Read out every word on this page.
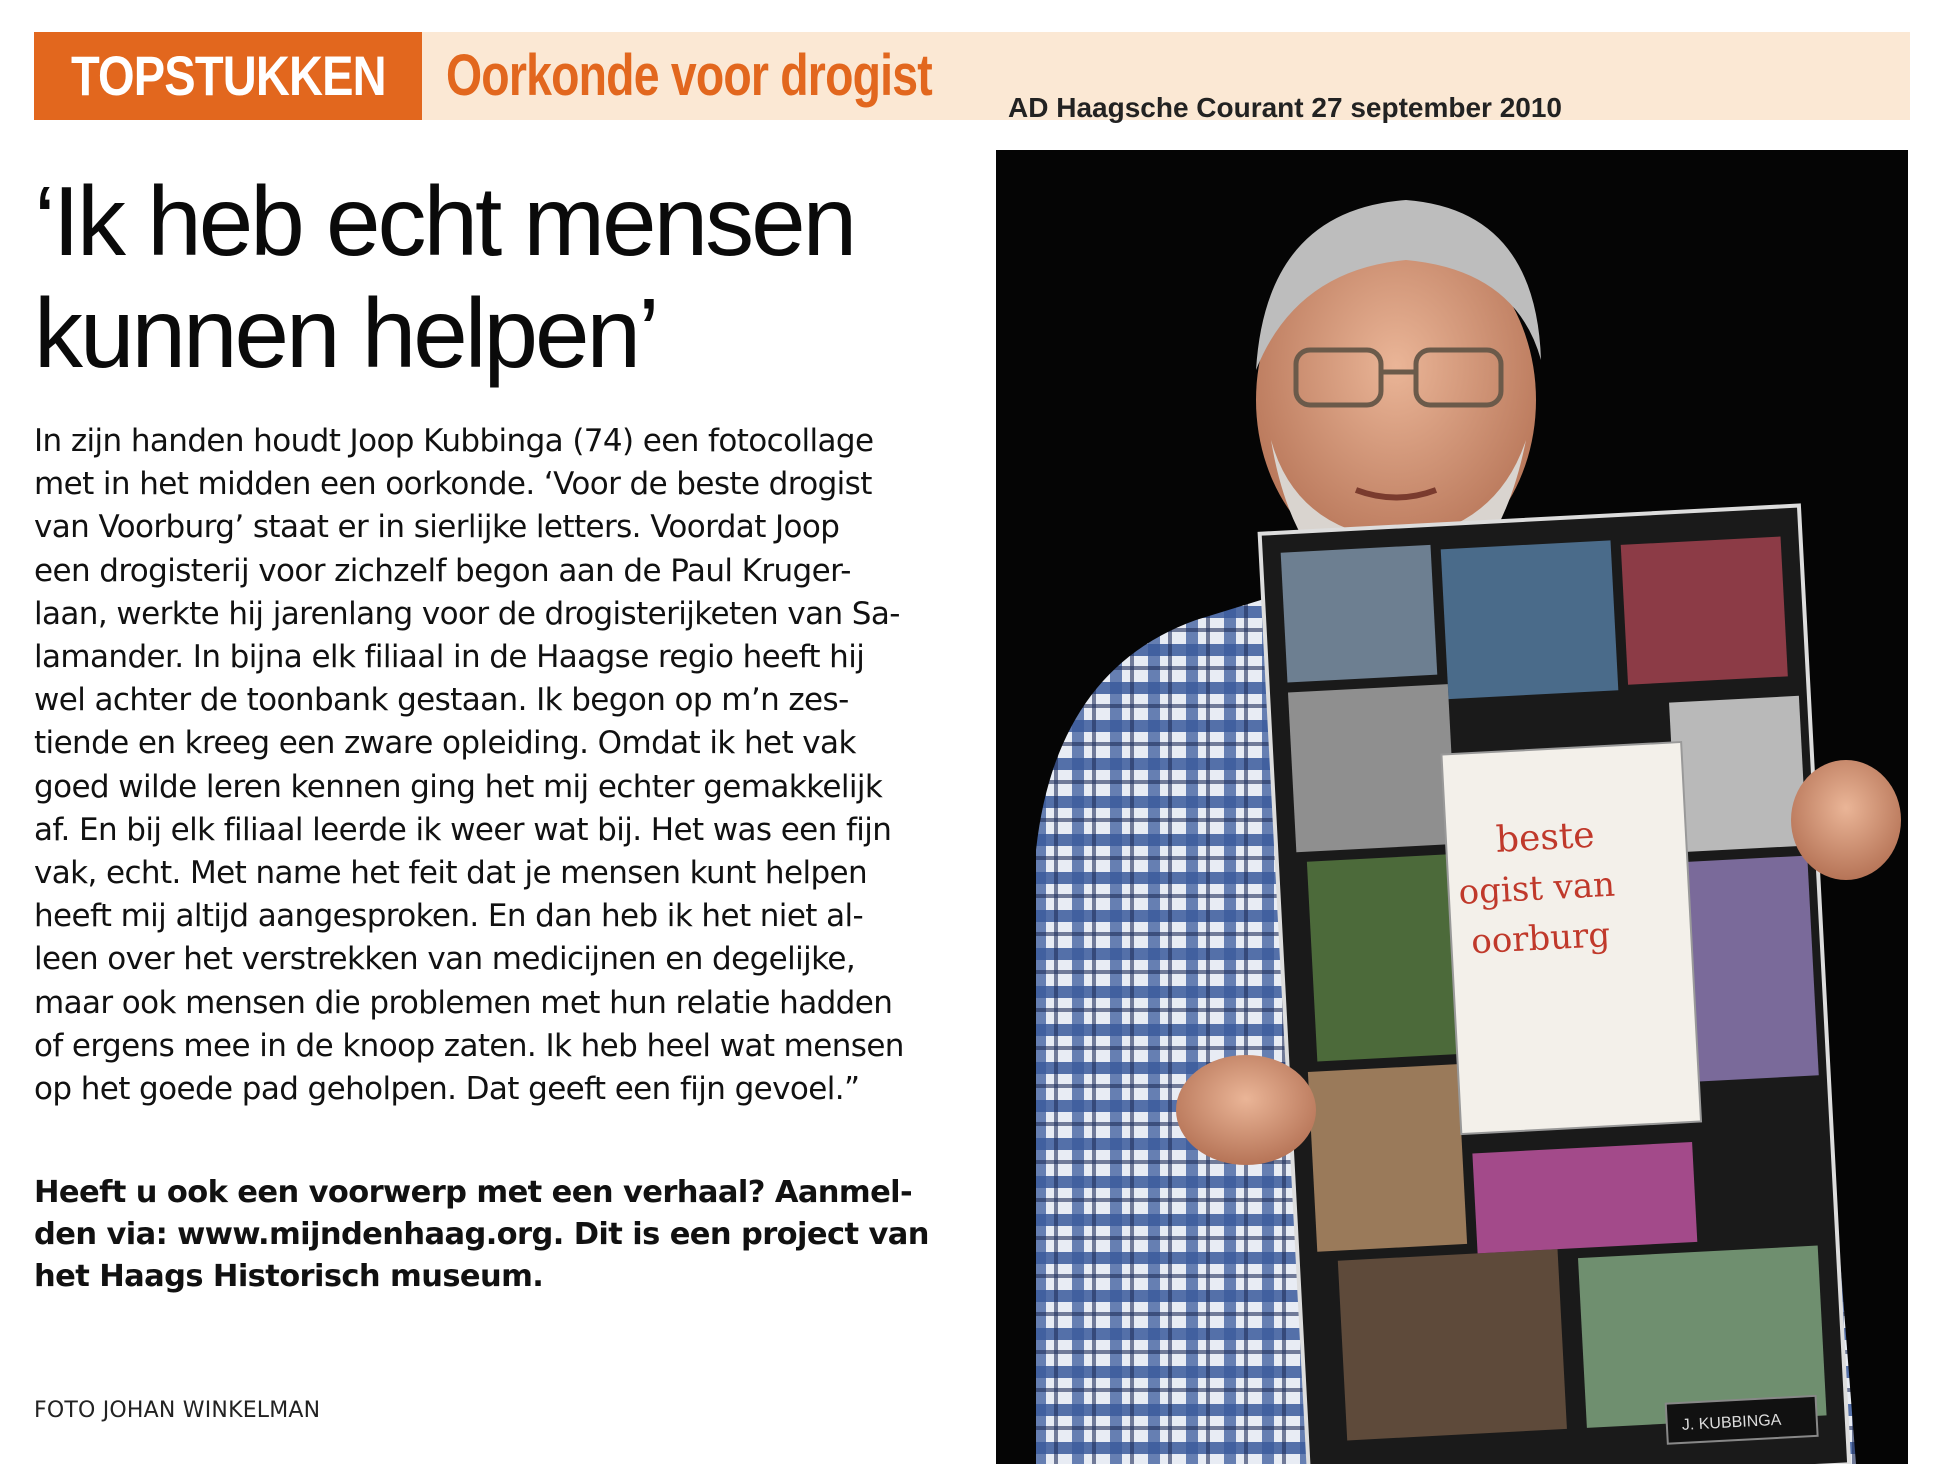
TOPSTUKKEN	Oorkonde voor drogist	AD Haagsche Courant 27 september 2010
‘Ik heb echt mensen
kunnen helpen’

In zijn handen houdt Joop Kubbinga (74) een fotocollage
met in het midden een oorkonde. ‘Voor de beste drogist
van Voorburg’ staat er in sierlijke letters. Voordat Joop
een drogisterij voor zichzelf begon aan de Paul Kruger-
laan, werkte hij jarenlang voor de drogisterijketen van Sa-
lamander. In bijna elk filiaal in de Haagse regio heeft hij
wel achter de toonbank gestaan. Ik begon op m’n zes-
tiende en kreeg een zware opleiding. Omdat ik het vak
goed wilde leren kennen ging het mij echter gemakkelijk
af. En bij elk filiaal leerde ik weer wat bij. Het was een fijn
vak, echt. Met name het feit dat je mensen kunt helpen
heeft mij altijd aangesproken. En dan heb ik het niet al-
leen over het verstrekken van medicijnen en degelijke,
maar ook mensen die problemen met hun relatie hadden
of ergens mee in de knoop zaten. Ik heb heel wat mensen
op het goede pad geholpen. Dat geeft een fijn gevoel.”

Heeft u ook een voorwerp met een verhaal? Aanmel-
den via: www.mijndenhaag.org. Dit is een project van
het Haags Historisch museum.

FOTO JOHAN WINKELMAN
beste
ogist van
oorburg
J. KUBBINGA
